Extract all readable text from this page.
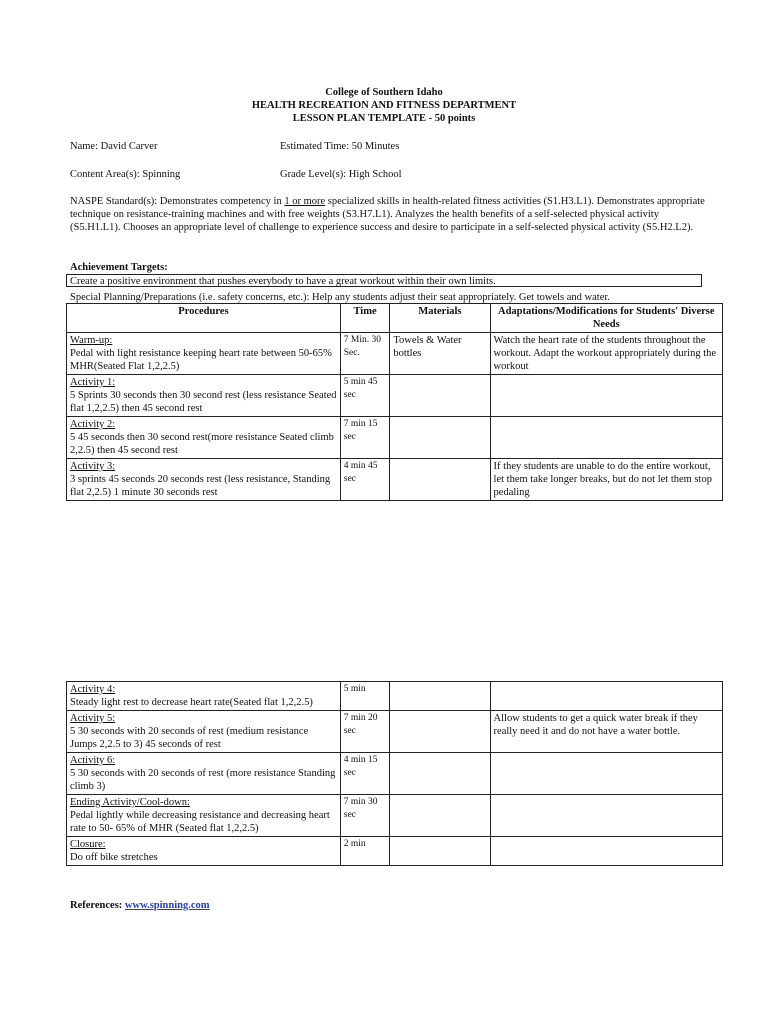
College of Southern Idaho
HEALTH RECREATION AND FITNESS DEPARTMENT
LESSON PLAN TEMPLATE - 50 points
Name: David Carver	Estimated Time: 50 Minutes
Content Area(s): Spinning	Grade Level(s): High School
NASPE Standard(s): Demonstrates competency in 1 or more specialized skills in health-related fitness activities (S1.H3.L1). Demonstrates appropriate technique on resistance-training machines and with free weights (S3.H7.L1). Analyzes the health benefits of a self-selected physical activity (S5.H1.L1). Chooses an appropriate level of challenge to experience success and desire to participate in a self-selected physical activity (S5.H2.L2).
Achievement Targets:
Create a positive environment that pushes everybody to have a great workout within their own limits.
Special Planning/Preparations (i.e. safety concerns, etc.): Help any students adjust their seat appropriately. Get towels and water.
Procedures	Time	Materials	Adaptations/Modifications for Students' Diverse Needs

Warm-up:
Pedal with light resistance keeping heart rate between 50-65% MHR(Seated Flat 1,2,2.5)	7 Min. 30 Sec.	Towels & Water bottles	Watch the heart rate of the students throughout the workout. Adapt the workout appropriately during the workout

Activity 1:
5 Sprints 30 seconds then 30 second rest (less resistance Seated flat 1,2,2.5) then 45 second rest	5 min 45 sec		

Activity 2:
5 45 seconds then 30 second rest(more resistance Seated climb 2,2.5) then 45 second rest	7 min 15 sec		

Activity 3:
3 sprints 45 seconds 20 seconds rest (less resistance, Standing flat 2,2.5) 1 minute 30 seconds rest	4 min 45 sec		If they students are unable to do the entire workout, let them take longer breaks, but do not let them stop pedaling
Activity 4:
Steady light rest to decrease heart rate(Seated flat 1,2,2.5)	5 min		

Activity 5:
5 30 seconds with 20 seconds of rest (medium resistance Jumps 2,2.5 to 3) 45 seconds of rest	7 min 20 sec		Allow students to get a quick water break if they really need it and do not have a water bottle.

Activity 6:
5 30 seconds with 20 seconds of rest (more resistance Standing climb 3)	4 min 15 sec		

Ending Activity/Cool-down:
Pedal lightly while decreasing resistance and decreasing heart rate to 50- 65% of MHR (Seated flat 1,2,2.5)	7 min 30 sec		

Closure:
Do off bike stretches	2 min		
References: www.spinning.com
